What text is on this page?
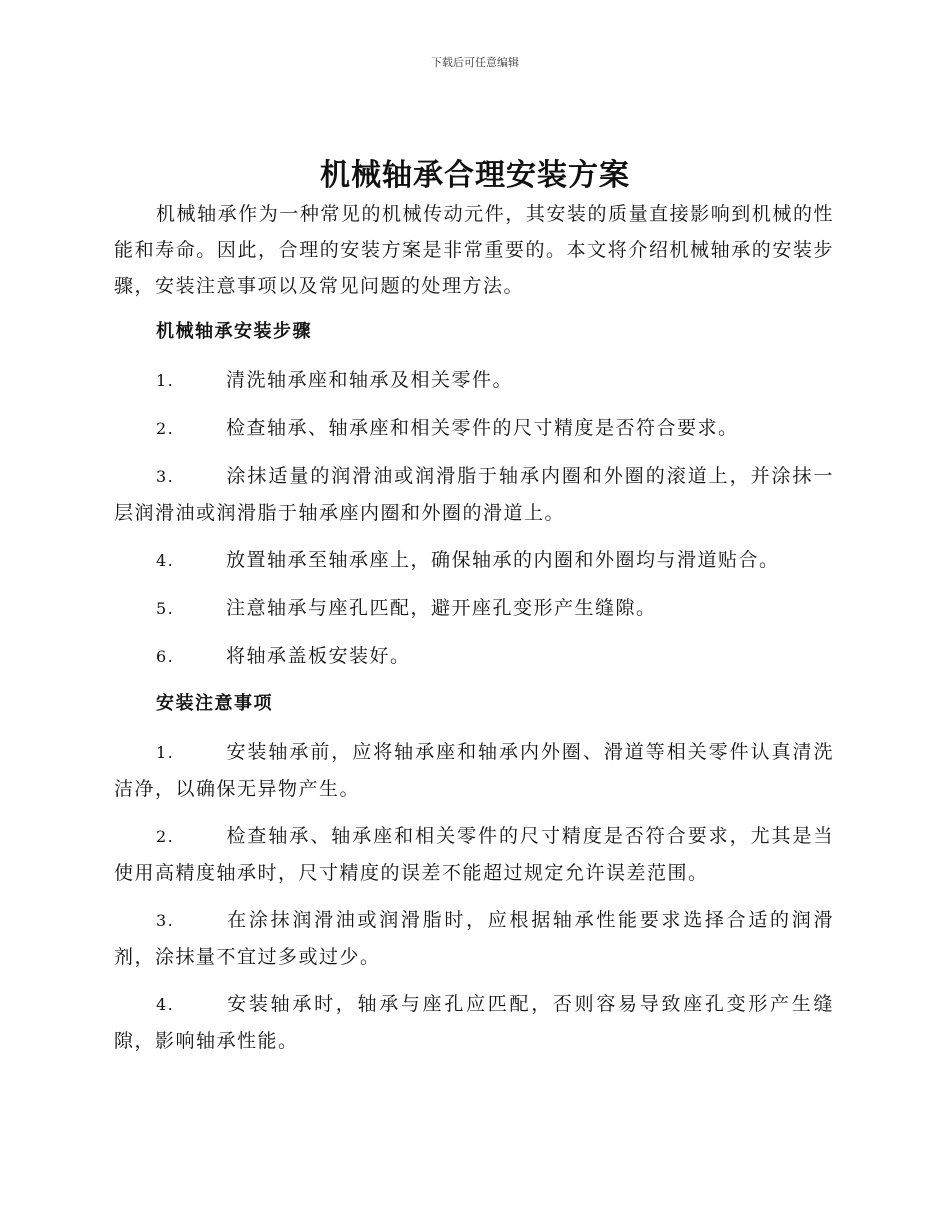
下载后可任意编辑
机械轴承合理安装方案

机械轴承作为一种常见的机械传动元件，其安装的质量直接影响到机械的性能和寿命。因此，合理的安装方案是非常重要的。本文将介绍机械轴承的安装步骤，安装注意事项以及常见问题的处理方法。

机械轴承安装步骤

1.	清洗轴承座和轴承及相关零件。

2.	检查轴承、轴承座和相关零件的尺寸精度是否符合要求。

3.	涂抹适量的润滑油或润滑脂于轴承内圈和外圈的滚道上，并涂抹一层润滑油或润滑脂于轴承座内圈和外圈的滑道上。

4.	放置轴承至轴承座上，确保轴承的内圈和外圈均与滑道贴合。

5.	注意轴承与座孔匹配，避开座孔变形产生缝隙。

6.	将轴承盖板安装好。

安装注意事项

1.	安装轴承前，应将轴承座和轴承内外圈、滑道等相关零件认真清洗洁净，以确保无异物产生。

2.	检查轴承、轴承座和相关零件的尺寸精度是否符合要求，尤其是当使用高精度轴承时，尺寸精度的误差不能超过规定允许误差范围。

3.	在涂抹润滑油或润滑脂时，应根据轴承性能要求选择合适的润滑剂，涂抹量不宜过多或过少。

4.	安装轴承时，轴承与座孔应匹配，否则容易导致座孔变形产生缝隙，影响轴承性能。
